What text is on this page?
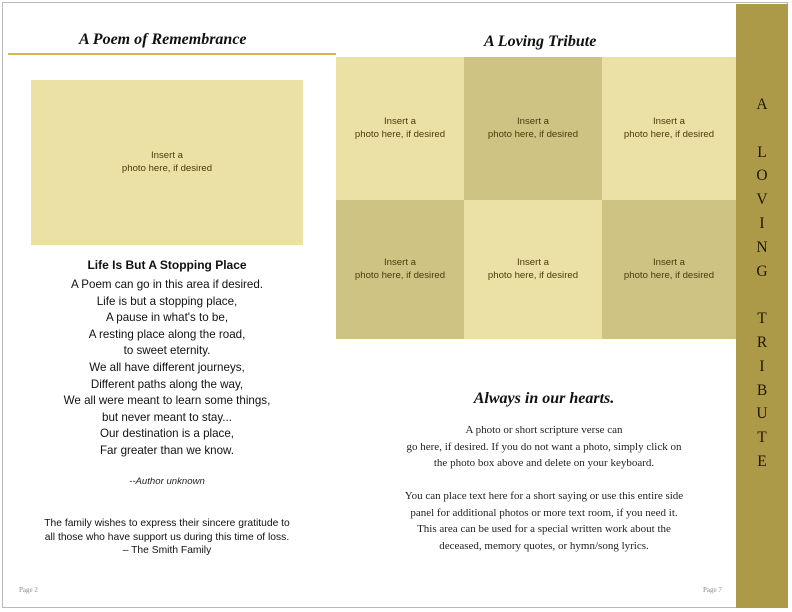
A Poem of Remembrance
Insert a
photo here, if desired
Life Is But A Stopping Place
A Poem can go in this area if desired.
Life is but a stopping place,
A pause in what's to be,
A resting place along the road,
to sweet eternity.
We all have different journeys,
Different paths along the way,
We all were meant to learn some things,
but never meant to stay...
Our destination is a place,
Far greater than we know.
--Author unknown
The family wishes to express their sincere gratitude to
all those who have support us during this time of loss.
– The Smith Family
Page 2
A Loving Tribute
Insert a
photo here, if desired
Insert a
photo here, if desired
Insert a
photo here, if desired
Insert a
photo here, if desired
Insert a
photo here, if desired
Insert a
photo here, if desired
Always in our hearts.
A photo or short scripture verse can
go here, if desired. If you do not want a photo, simply click on
the photo box above and delete on your keyboard.
You can place text here for a short saying or use this entire side
panel for additional photos or more text room, if you need it.
This area can be used for a special written work about the
deceased, memory quotes, or hymn/song lyrics.
Page 7
A

L
O
V
I
N
G

T
R
I
B
U
T
E
